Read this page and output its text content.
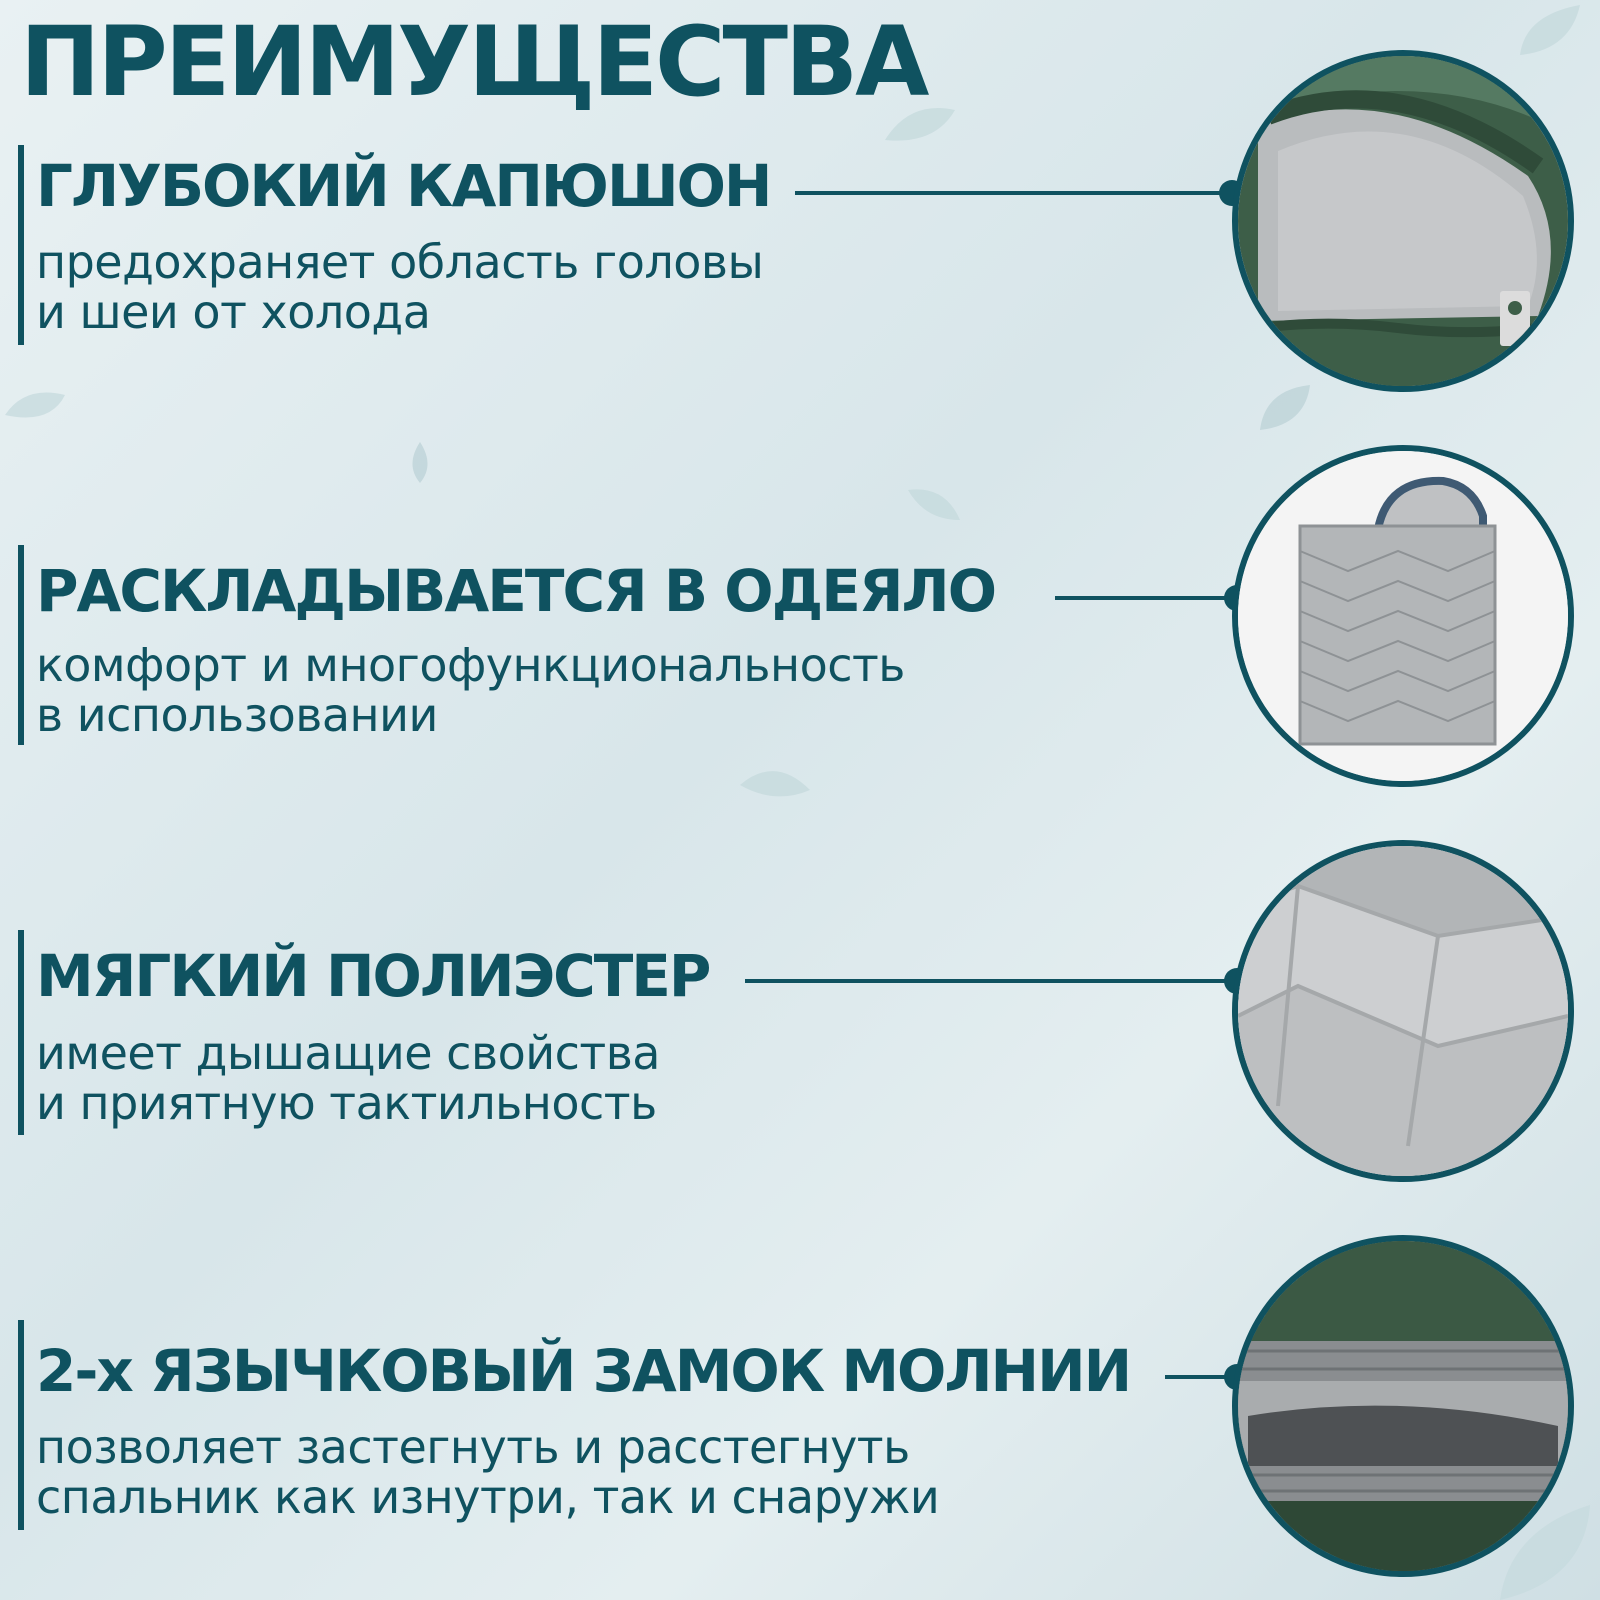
ПРЕИМУЩЕСТВА
ГЛУБОКИЙ КАПЮШОН
предохраняет область головы
и шеи от холода
РАСКЛАДЫВАЕТСЯ В ОДЕЯЛО
комфорт и многофункциональность
в использовании
МЯГКИЙ ПОЛИЭСТЕР
имеет дышащие свойства
и приятную тактильность
2-х ЯЗЫЧКОВЫЙ ЗАМОК МОЛНИИ
позволяет застегнуть и расстегнуть
спальник как изнутри, так и снаружи
